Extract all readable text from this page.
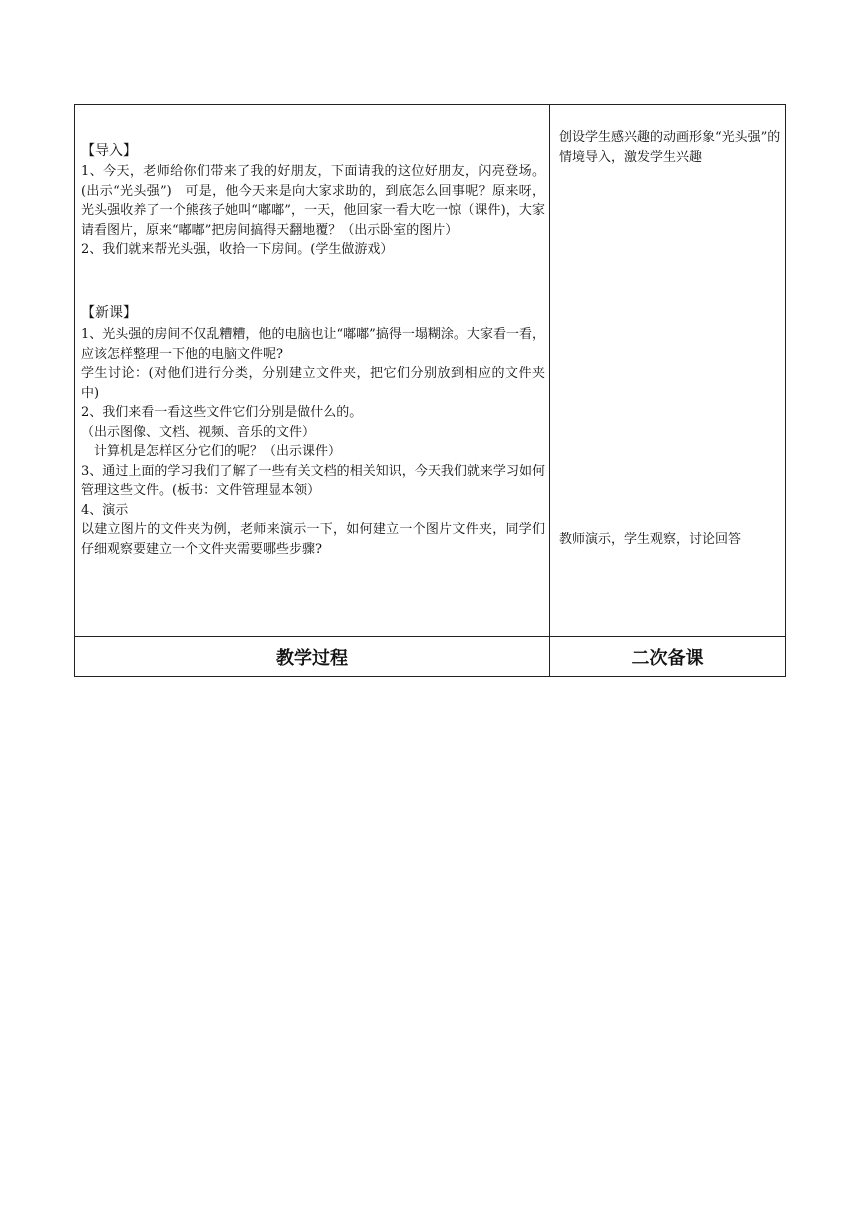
【导入】

1、今天，老师给你们带来了我的好朋友，下面请我的这位好朋友，闪亮登场。(出示“光头强”)　可是，他今天来是向大家求助的，到底怎么回事呢？原来呀，光头强收养了一个熊孩子她叫“嘟嘟”，一天，他回家一看大吃一惊（课件)，大家请看图片，原来“嘟嘟”把房间搞得天翻地覆？（出示卧室的图片）

2、我们就来帮光头强，收拾一下房间。(学生做游戏）

【新课】

1、光头强的房间不仅乱糟糟，他的电脑也让“嘟嘟”搞得一塌糊涂。大家看一看，应该怎样整理一下他的电脑文件呢?

学生讨论：(对他们进行分类，分别建立文件夹，把它们分别放到相应的文件夹中)

2、我们来看一看这些文件它们分别是做什么的。

（出示图像、文档、视频、音乐的文件）

　计算机是怎样区分它们的呢？（出示课件）

3、通过上面的学习我们了解了一些有关文档的相关知识，今天我们就来学习如何管理这些文件。(板书：文件管理显本领）

4、演示

以建立图片的文件夹为例，老师来演示一下，如何建立一个图片文件夹，同学们仔细观察要建立一个文件夹需要哪些步骤?

创设学生感兴趣的动画形象“光头强”的情境导入，激发学生兴趣
教师演示，学生观察，讨论回答
教学过程	二次备课
